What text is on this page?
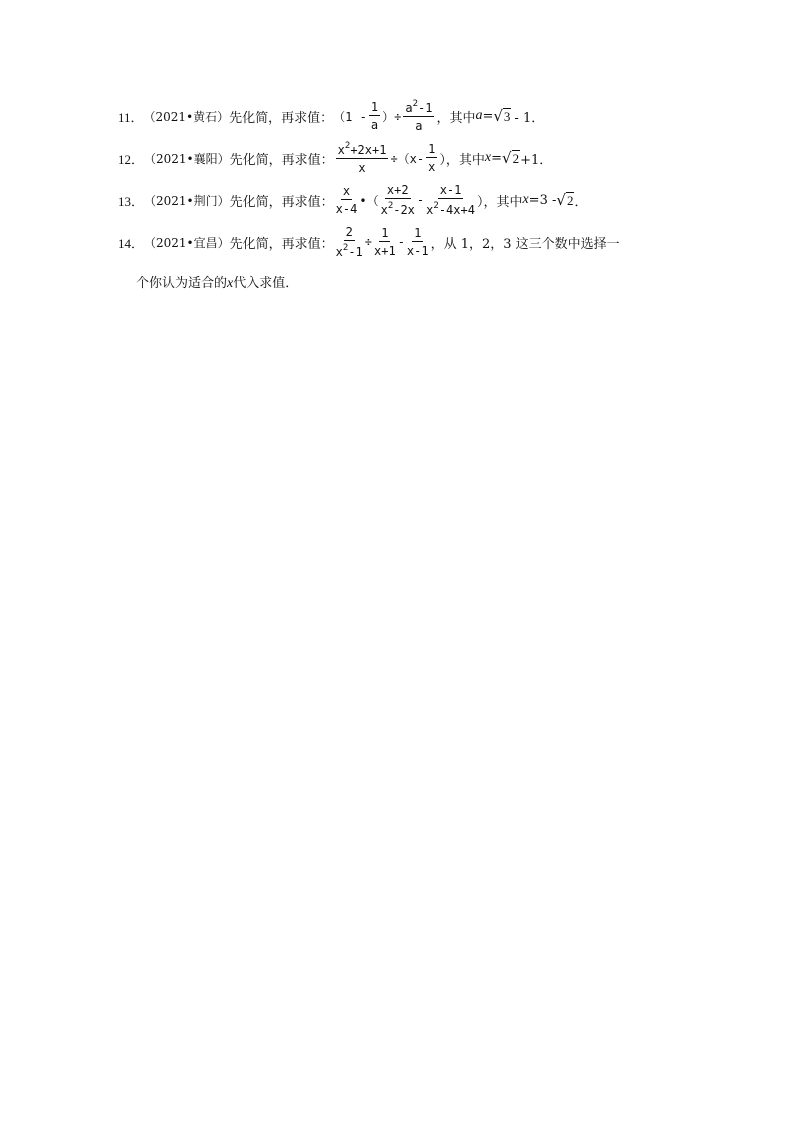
11． （2021•黄石） 先化简，再求值： （$1 - \frac{1}{a}$ ）÷ $\frac{a^2-1}{a}$ ，其中 a = √ 3 - 1．
12． （2021•襄阳） 先化简，再求值： $\frac{x^2+2x+1}{x} \div(x- \frac{1}{x}$ ），其中 x = √ 2 +1．
13． （2021•荆门） 先化简，再求值： $\frac{x}{x-4}$ •（ $\frac{x+2}{x^2-2x} - \frac{x-1}{x^2-4x+4}$ ），其中 x =3 - √ 2 ．
14． （2021•宜昌） 先化简，再求值： $\frac{2}{x^2-1} \div \frac{1}{x+1} - \frac{1}{x-1}$ ，从 1，2，3 这三个数中选择一
个你认为适合的x代入求值．
